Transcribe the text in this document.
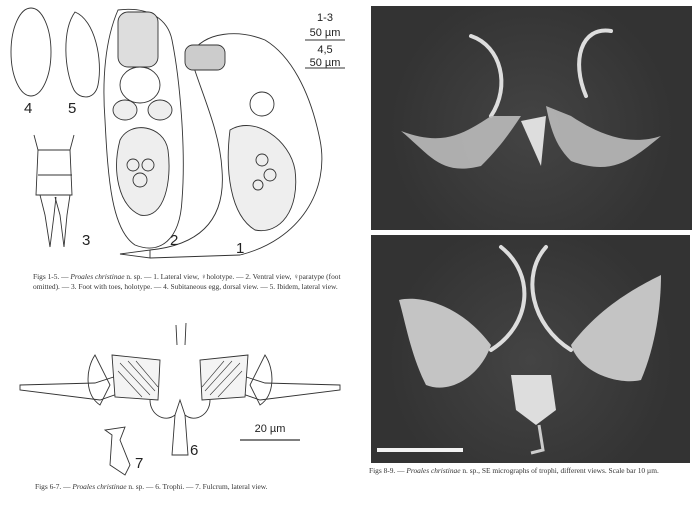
4 5
3	2	1
1-3
50 µm
4,5
50 µm
Figs 1-5. — Proales christinae n. sp. — 1. Lateral view, ♀holotype. — 2. Ventral view, ♀paratype (foot omitted). — 3. Foot with toes, holotype. — 4. Subitaneous egg, dorsal view. — 5. Ibidem, lateral view.
6
7
20 µm
Figs 6-7. — Proales christinae n. sp. — 6. Trophi. — 7. Fulcrum, lateral view.
Figs 8-9. — Proales christinae n. sp., SE micrographs of trophi, different views. Scale bar 10 µm.
